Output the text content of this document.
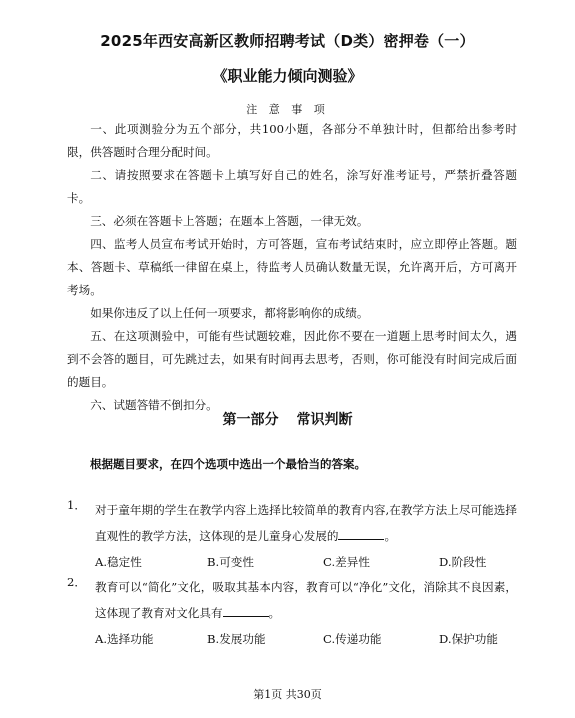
2025年西安高新区教师招聘考试（D类）密押卷（一）
《职业能力倾向测验》
注 意 事 项

一、此项测验分为五个部分，共100小题，各部分不单独计时，但都给出参考时限，供答题时合理分配时间。

二、请按照要求在答题卡上填写好自己的姓名，涂写好准考证号，严禁折叠答题卡。

三、必须在答题卡上答题；在题本上答题，一律无效。

四、监考人员宣布考试开始时，方可答题，宣布考试结束时，应立即停止答题。题本、答题卡、草稿纸一律留在桌上，待监考人员确认数量无误，允许离开后，方可离开考场。

如果你违反了以上任何一项要求，都将影响你的成绩。

五、在这项测验中，可能有些试题较难，因此你不要在一道题上思考时间太久，遇到不会答的题目，可先跳过去，如果有时间再去思考，否则，你可能没有时间完成后面的题目。

六、试题答错不倒扣分。

第一部分 常识判断
根据题目要求，在四个选项中选出一个最恰当的答案。
1． 对于童年期的学生在教学内容上选择比较简单的教育内容,在教学方法上尽可能选择直观性的教学方法，这体现的是儿童身心发展的	。
A.稳定性	B.可变性	C.差异性	D.阶段性
2． 教育可以“简化”文化，吸取其基本内容，教育可以“净化”文化，消除其不良因素，这体现了教育对文化具有	。
A.选择功能	B.发展功能	C.传递功能	D.保护功能
第1页 共30页
